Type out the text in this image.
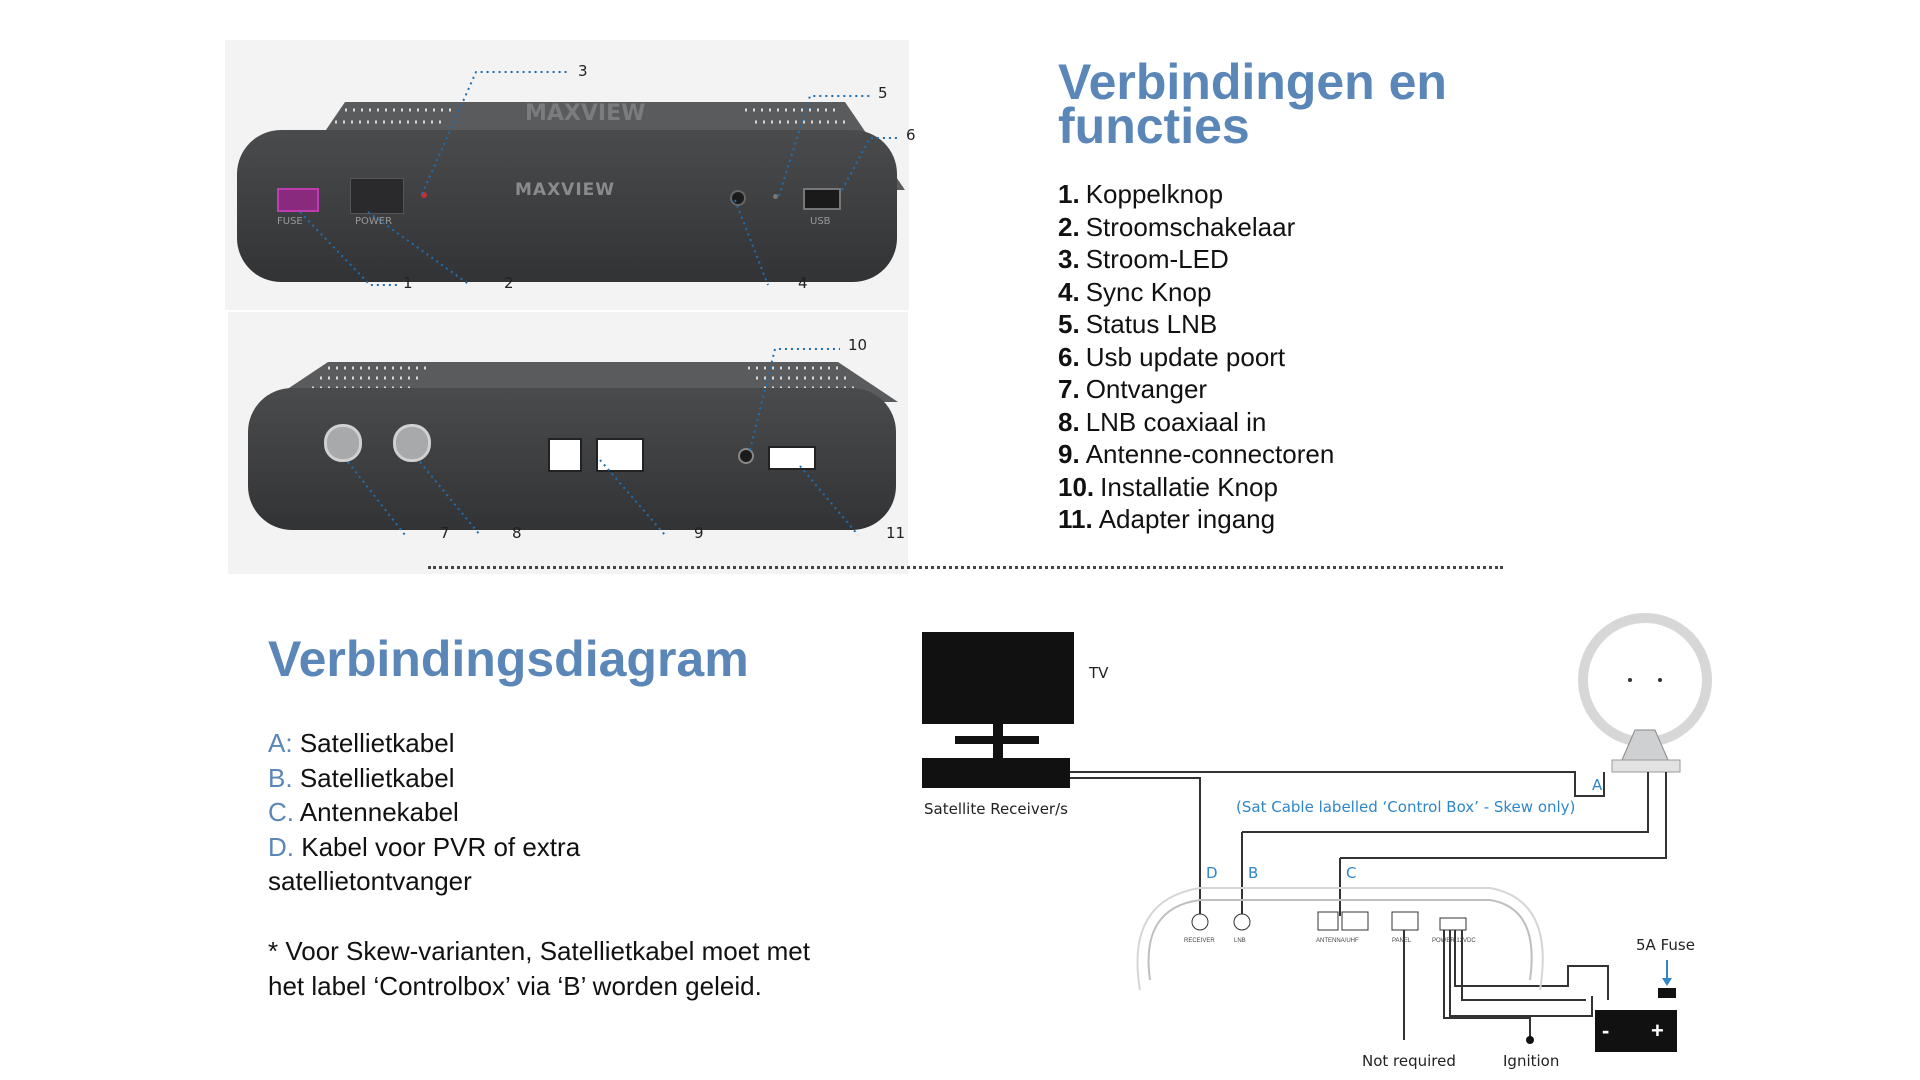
Verbindingen en
functies
1. Koppelknop
2. Stroomschakelaar
3. Stroom-LED
4. Sync Knop
5. Status LNB
6. Usb update poort
7. Ontvanger
8. LNB coaxiaal in
9. Antenne-connectoren
10. Installatie Knop
11. Adapter ingang
MAXVIEW
FUSE	POWER
MAXVIEW
USB
1	2
3
4
5
6
7	8	9
10
11
Verbindingsdiagram
A: Satellietkabel
B. Satellietkabel
C. Antennekabel
D. Kabel voor PVR of extra
satellietontvanger
* Voor Skew-varianten, Satellietkabel moet met het label ‘Controlbox’ via ‘B’ worden geleid.
TV
Satellite Receiver/s	(Sat Cable labelled ‘Control Box’ - Skew only)
A
B	C
D
5A Fuse
Not required	Ignition
- +
RECEIVER	LNB	ANTENNA/UHF	PANEL	POWER 12VDC
